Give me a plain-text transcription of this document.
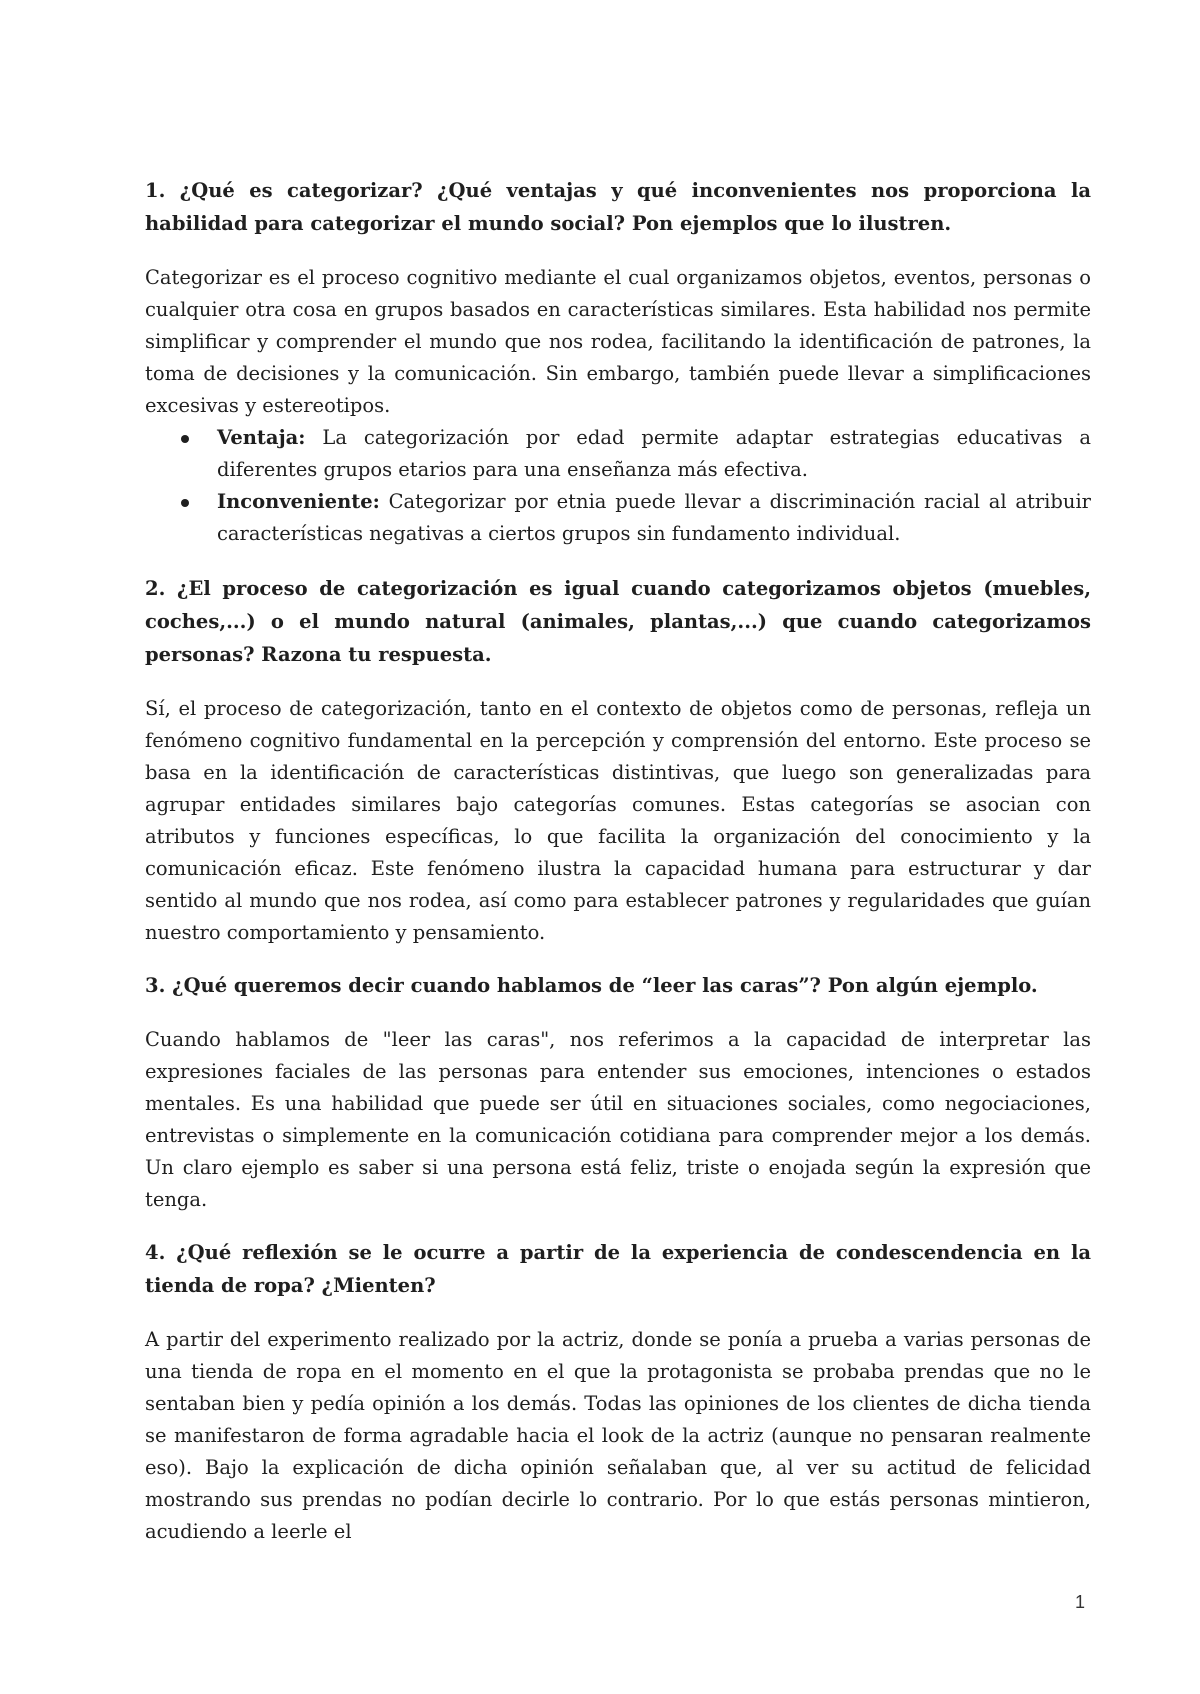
1. ¿Qué es categorizar? ¿Qué ventajas y qué inconvenientes nos proporciona la habilidad para categorizar el mundo social? Pon ejemplos que lo ilustren.

Categorizar es el proceso cognitivo mediante el cual organizamos objetos, eventos, personas o cualquier otra cosa en grupos basados en características similares. Esta habilidad nos permite simplificar y comprender el mundo que nos rodea, facilitando la identificación de patrones, la toma de decisiones y la comunicación. Sin embargo, también puede llevar a simplificaciones excesivas y estereotipos.

Ventaja: La categorización por edad permite adaptar estrategias educativas a diferentes grupos etarios para una enseñanza más efectiva.
Inconveniente: Categorizar por etnia puede llevar a discriminación racial al atribuir características negativas a ciertos grupos sin fundamento individual.

2. ¿El proceso de categorización es igual cuando categorizamos objetos (muebles, coches,...) o el mundo natural (animales, plantas,...) que cuando categorizamos personas? Razona tu respuesta.

Sí, el proceso de categorización, tanto en el contexto de objetos como de personas, refleja un fenómeno cognitivo fundamental en la percepción y comprensión del entorno. Este proceso se basa en la identificación de características distintivas, que luego son generalizadas para agrupar entidades similares bajo categorías comunes. Estas categorías se asocian con atributos y funciones específicas, lo que facilita la organización del conocimiento y la comunicación eficaz. Este fenómeno ilustra la capacidad humana para estructurar y dar sentido al mundo que nos rodea, así como para establecer patrones y regularidades que guían nuestro comportamiento y pensamiento.

3. ¿Qué queremos decir cuando hablamos de “leer las caras”? Pon algún ejemplo.

Cuando hablamos de "leer las caras", nos referimos a la capacidad de interpretar las expresiones faciales de las personas para entender sus emociones, intenciones o estados mentales. Es una habilidad que puede ser útil en situaciones sociales, como negociaciones, entrevistas o simplemente en la comunicación cotidiana para comprender mejor a los demás. Un claro ejemplo es saber si una persona está feliz, triste o enojada según la expresión que tenga.

4. ¿Qué reflexión se le ocurre a partir de la experiencia de condescendencia en la tienda de ropa? ¿Mienten?

A partir del experimento realizado por la actriz, donde se ponía a prueba a varias personas de una tienda de ropa en el momento en el que la protagonista se probaba prendas que no le sentaban bien y pedía opinión a los demás. Todas las opiniones de los clientes de dicha tienda se manifestaron de forma agradable hacia el look de la actriz (aunque no pensaran realmente eso). Bajo la explicación de dicha opinión señalaban que, al ver su actitud de felicidad mostrando sus prendas no podían decirle lo contrario. Por lo que estás personas mintieron, acudiendo a leerle el

1
